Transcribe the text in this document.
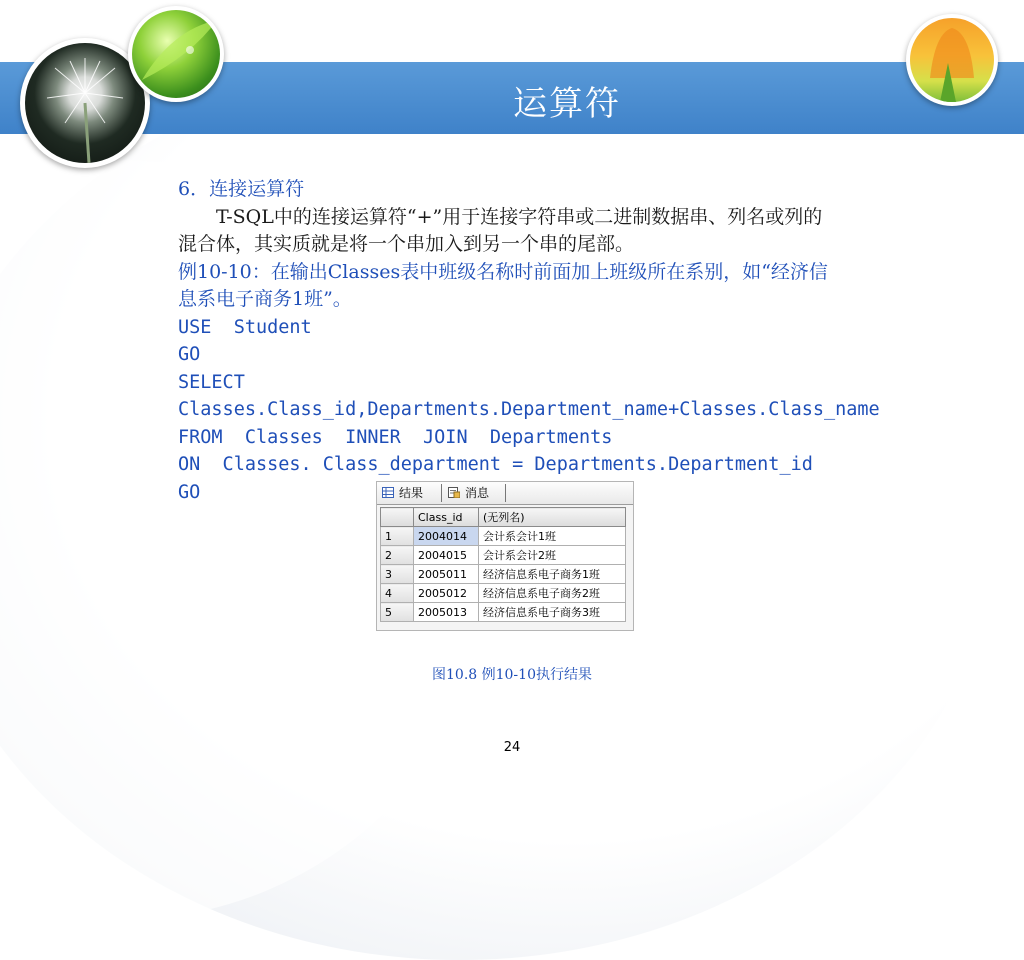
运算符
6．连接运算符
　　T-SQL中的连接运算符“+”用于连接字符串或二进制数据串、列名或列的
混合体，其实质就是将一个串加入到另一个串的尾部。
例10-10：在输出Classes表中班级名称时前面加上班级所在系别，如“经济信
息系电子商务1班”。
USE  Student
GO
SELECT
Classes.Class_id,Departments.Department_name+Classes.Class_name
FROM  Classes  INNER  JOIN  Departments
ON  Classes. Class_department = Departments.Department_id
GO	结果	消息
	Class_id	(无列名)
1	2004014	会计系会计1班
2	2004015	会计系会计2班
3	2005011	经济信息系电子商务1班
4	2005012	经济信息系电子商务2班
5	2005013	经济信息系电子商务3班
图10.8 例10-10执行结果
24
